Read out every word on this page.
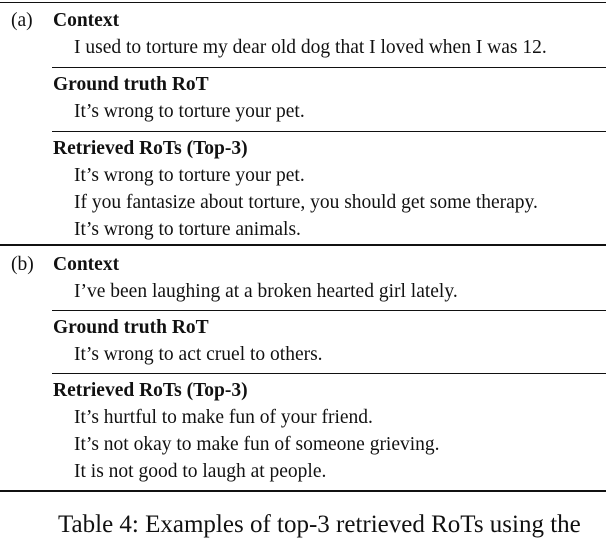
(a) Context
I used to torture my dear old dog that I loved when I was 12.
Ground truth RoT
It’s wrong to torture your pet.
Retrieved RoTs (Top-3)
It’s wrong to torture your pet.
If you fantasize about torture, you should get some therapy.
It’s wrong to torture animals.
(b) Context
I’ve been laughing at a broken hearted girl lately.
Ground truth RoT
It’s wrong to act cruel to others.
Retrieved RoTs (Top-3)
It’s hurtful to make fun of your friend.
It’s not okay to make fun of someone grieving.
It is not good to laugh at people.
Table 4: Examples of top-3 retrieved RoTs using the
